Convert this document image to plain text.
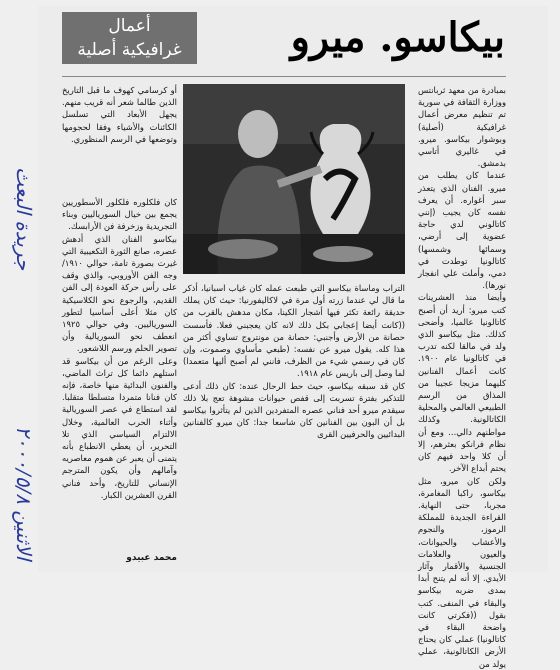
جريدة البعث
الاثنين ٢٠٠٠/٥/٨
بيكاسو. ميرو
أعمال
غرافيكية أصلية

بمبادرة من معهد ثربانتس ووزارة الثقافة في سورية تم تنظيم معرض أعمال غرافيكية (أصلية) وبوشوار بيكاسو. ميرو. في غاليري أتاسي بدمشق.

عندما كان يطلب من ميرو. الفنان الذي يتعذر سبر أغواره. أن يعرف نفسه كان يجيب (إنني كاتالوني لدي حاجة عضوية إلى أرضي، وسمائها وشمسها) كاتالونيا توطدت في دمي، وأملت علي انفجار نورها).

وأيضا منذ العشرينات كتب ميرو: أريد أن أصبح كاتالونيا عالميا، وأضحى كذلك. مثل بيكاسو الذي ولد في مالقا لكنه تدرب في كاتالونيا عام ١٩٠٠. كانت أعمال الفنانين كليهما مزيجا عجيبا من المذاق من الرسم الطبيعي العالمي والمحلية الكاتالونية. وكذلك مواطنهم دالي... ومع أن نظام فرانكو بعثرهم، إلا أن كلا واحد فيهم كان يحتم أبداع الآخر.

ولكن كان ميرو، مثل بيكاسو، راكبا المغامرة، مجربا، حتى النهاية. القراءة الجديدة للمملكة الرموز، والنجوم والأعشاب والحيوانات، والعيون والعلامات الجنسية والأقمار وآثار الأيدي. إلا أنه لم يتنح أبدا بمدى ضربه بيكاسو والبقاء في المنفى. كتب بقول ((فكرتي كانت واضحة البقاء في كاتالونيا) عملي كان يحتاج الأرض الكاتالونية، عملي يولد من

أو كرسامي كهوف ما قبل التاريخ الذين طالما شعر أنه قريب منهم. يجهل الأبعاد التي تسلسل الكائنات والأشياء وفقا لحجومها وتوضعها في الرسم المنظوري.

كان فلكلوره فلكلور الأسطوريين يجمع بين خيال السورياليين وبناء التجريدية وزخرفة فن الأرابسك.

بيكاسو الفنان الذي أدهش عصره، صانع الثورة التكعيبية التي غيرت بصورة تامة، حوالي ١٩١٠/ وجه الفن الأوروبي، والذي وقف على رأس حركة العودة إلى الفن القديم، والرجوع نحو الكلاسيكية كان مثلا أعلى أساسيا لتطور السورياليين. وفي حوالي ١٩٢٥ انعطف نحو السوريالية وأن تصوير الحلم ورسم اللاشعور.

وعلى الرغم من أن بيكاسو قد استلهم دائما كل تراث الماضي، والفنون البدائية منها خاصة، فإنه كان فنانا متمردا متسلطا متقلبا. لقد استطاع في عصر السوريالية وأثناء الحرب العالمية، وخلال الالتزام السياسي الذي تلا التحرير، أن يعطي الانطباع بأنه يتمنى أن يعبر عن هموم معاصريه وآمالهم وأن يكون المترجم الإنساني للتاريخ، وأحد فناني القرن العشرين الكبار.

التراب وماساة بيكاسو التي طبعت عمله كان غياب اسبانيا، أذكر ما قال لي عندما زرته أول مرة في لاكاليفورنيا: حيث كان يملك حديقة رائعة تكثر فيها أشجار الكينا، مكان مدهش بالقرب من ((كانت أيضا إعجابي بكل ذلك لانه كان يعجبني فعلا. فأسست حصانة من الأرض وأجنبي: حصانة من مونتروج تساوي أكثر من هذا كله. يقول ميرو عن نفسه: (طبعي مأساوي وصموت، وإن كان في رسمي شيء من الظرف، فانني لم أصبح أليها متعمدا) لما وصل إلى باريس عام ١٩١٨.

كان قد سبقه بيكاسو، حيث حط الرحال عنده: كان ذلك أدعى للتذكير بفترة تسربت إلى قفص حيوانات مشوهة تعج بلا ذلك سيقدم ميرو أحد فناني عصره المتفردين الذين لم يتأثروا بيكاسو بل أن البون بين الفنانين كان شاسعا جدا: كان ميرو كالفنانين البدائيين والحرفيين القرى

محمد عبيدو
